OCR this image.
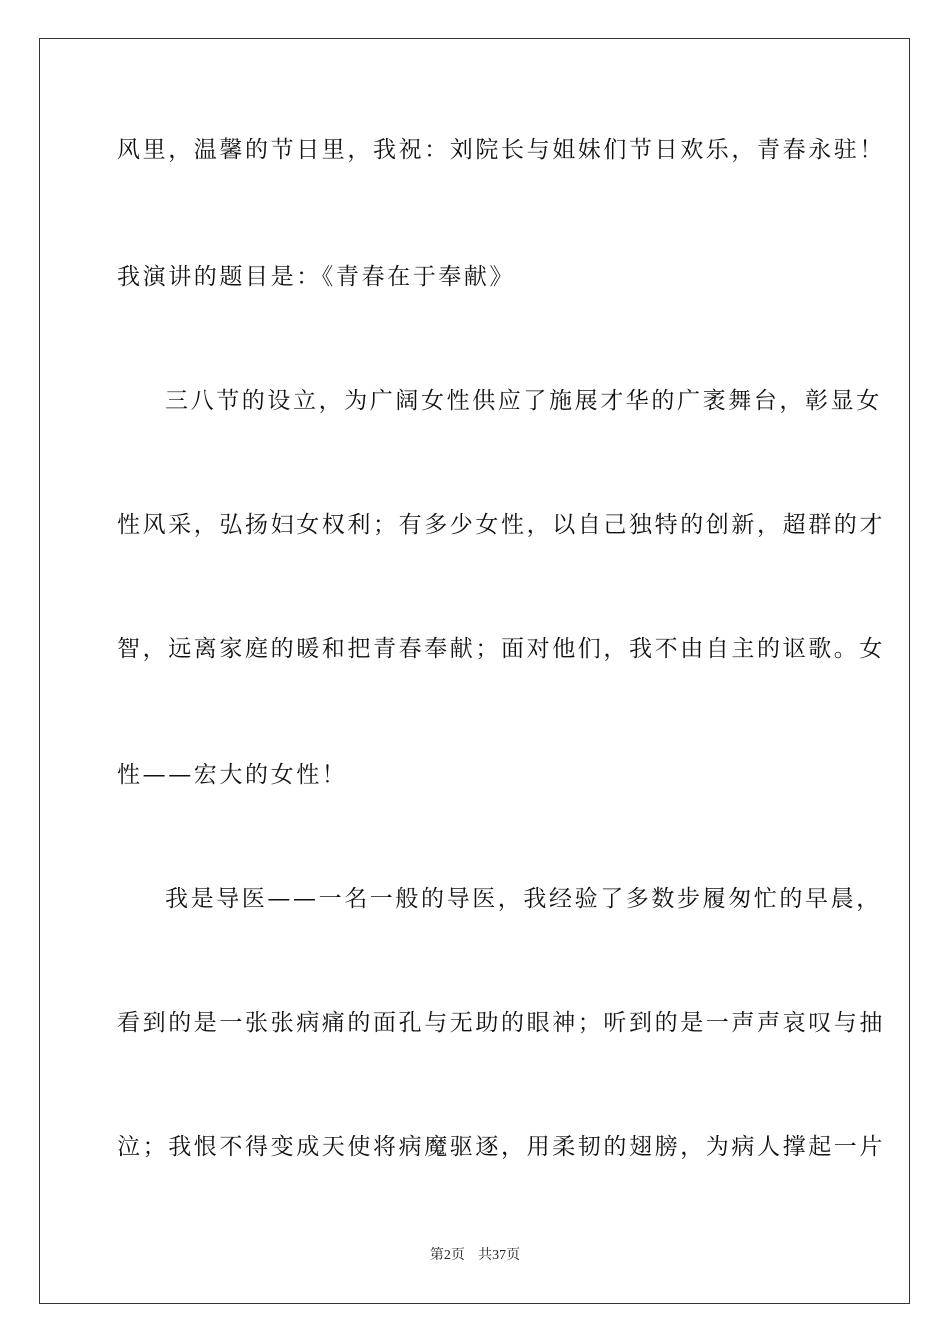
风里，温馨的节日里，我祝：刘院长与姐妹们节日欢乐，青春永驻！
我演讲的题目是：《青春在于奉献》
三八节的设立，为广阔女性供应了施展才华的广袤舞台，彰显女
性风采，弘扬妇女权利；有多少女性，以自己独特的创新，超群的才
智，远离家庭的暖和把青春奉献；面对他们，我不由自主的讴歌。女
性——宏大的女性！
我是导医——一名一般的导医，我经验了多数步履匆忙的早晨，
看到的是一张张病痛的面孔与无助的眼神；听到的是一声声哀叹与抽
泣；我恨不得变成天使将病魔驱逐，用柔韧的翅膀，为病人撑起一片
第2页 共37页
